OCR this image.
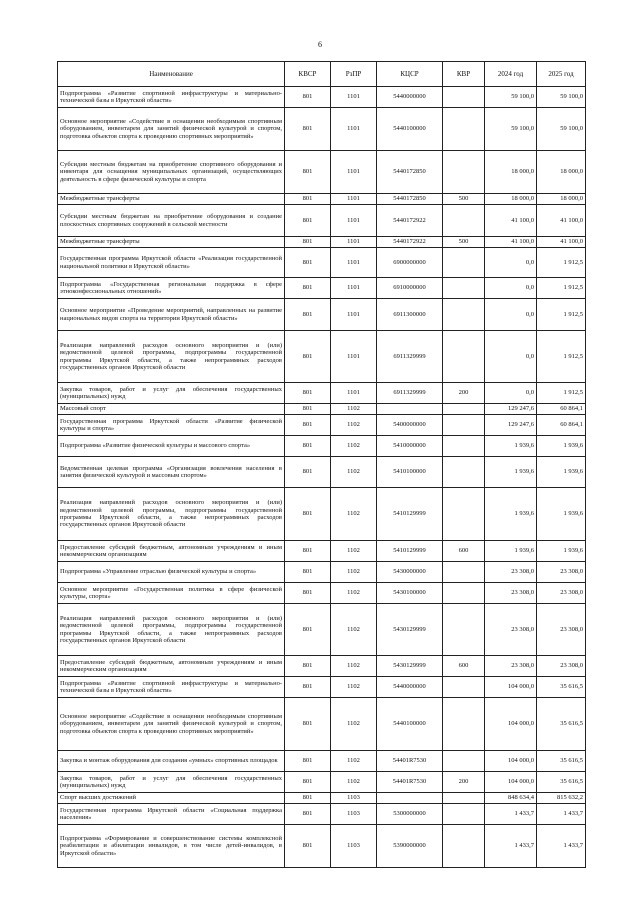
6
Наименование	КВСР	РзПР	КЦСР	КВР	2024 год	2025 год
Подпрограмма «Развитие спортивной инфраструктуры и материально- технической базы в Иркутской области»	801	1101	5440000000		59 100,0	59 100,0
Основное мероприятие «Содействие в оснащении необходимым спортивным оборудованием, инвентарем для занятий физической культурой и спортом, подготовка объектов спорта к проведению спортивных мероприятий»	801	1101	5440100000		59 100,0	59 100,0
Субсидии местным бюджетам на приобретение спортивного оборудования и инвентаря для оснащения муниципальных организаций, осуществляющих деятельность в сфере физической культуры и спорта	801	1101	5440172850		18 000,0	18 000,0
Межбюджетные трансферты	801	1101	5440172850	500	18 000,0	18 000,0
Субсидии местным бюджетам на приобретение оборудования и создание плоскостных спортивных сооружений в сельской местности	801	1101	5440172922		41 100,0	41 100,0
Межбюджетные трансферты	801	1101	5440172922	500	41 100,0	41 100,0
Государственная программа Иркутской области «Реализация государственной национальной политики в Иркутской области»	801	1101	6900000000		0,0	1 912,5
Подпрограмма «Государственная региональная поддержка в сфере этноконфессиональных отношений»	801	1101	6910000000		0,0	1 912,5
Основное мероприятие «Проведение мероприятий, направленных на развитие национальных видов спорта на территории Иркутской области»	801	1101	6911300000		0,0	1 912,5
Реализация направлений расходов основного мероприятия и (или) ведомственной целевой программы, подпрограммы государственной программы Иркутской области, а также непрограммных расходов государственных органов Иркутской области	801	1101	6911329999		0,0	1 912,5
Закупка товаров, работ и услуг для обеспечения государственных (муниципальных) нужд	801	1101	6911329999	200	0,0	1 912,5
Массовый спорт	801	1102			129 247,6	60 864,1
Государственная программа Иркутской области «Развитие физической культуры и спорта»	801	1102	5400000000		129 247,6	60 864,1
Подпрограмма «Развитие физической культуры и массового спорта»	801	1102	5410000000		1 939,6	1 939,6
Ведомственная целевая программа «Организация вовлечения населения в занятия физической культурой и массовым спортом»	801	1102	5410100000		1 939,6	1 939,6
Реализация направлений расходов основного мероприятия и (или) ведомственной целевой программы, подпрограммы государственной программы Иркутской области, а также непрограммных расходов государственных органов Иркутской области	801	1102	5410129999		1 939,6	1 939,6
Предоставление субсидий бюджетным, автономным учреждениям и иным некоммерческим организациям	801	1102	5410129999	600	1 939,6	1 939,6
Подпрограмма «Управление отраслью физической культуры и спорта»	801	1102	5430000000		23 308,0	23 308,0
Основное мероприятие «Государственная политика в сфере физической культуры, спорта»	801	1102	5430100000		23 308,0	23 308,0
Реализация направлений расходов основного мероприятия и (или) ведомственной целевой программы, подпрограммы государственной программы Иркутской области, а также непрограммных расходов государственных органов Иркутской области	801	1102	5430129999		23 308,0	23 308,0
Предоставление субсидий бюджетным, автономным учреждениям и иным некоммерческим организациям	801	1102	5430129999	600	23 308,0	23 308,0
Подпрограмма «Развитие спортивной инфраструктуры и материально- технической базы в Иркутской области»	801	1102	5440000000		104 000,0	35 616,5
Основное мероприятие «Содействие в оснащении необходимым спортивным оборудованием, инвентарем для занятий физической культурой и спортом, подготовка объектов спорта к проведению спортивных мероприятий»	801	1102	5440100000		104 000,0	35 616,5
Закупка и монтаж оборудования для создания «умных» спортивных площадок	801	1102	54401R7530		104 000,0	35 616,5
Закупка товаров, работ и услуг для обеспечения государственных (муниципальных) нужд	801	1102	54401R7530	200	104 000,0	35 616,5
Спорт высших достижений	801	1103			848 634,4	815 632,2
Государственная программа Иркутской области «Социальная поддержка населения»	801	1103	5300000000		1 433,7	1 433,7
Подпрограмма «Формирование и совершенствование системы комплексной реабилитации и абилитации инвалидов, в том числе детей-инвалидов, в Иркутской области»	801	1103	5390000000		1 433,7	1 433,7
